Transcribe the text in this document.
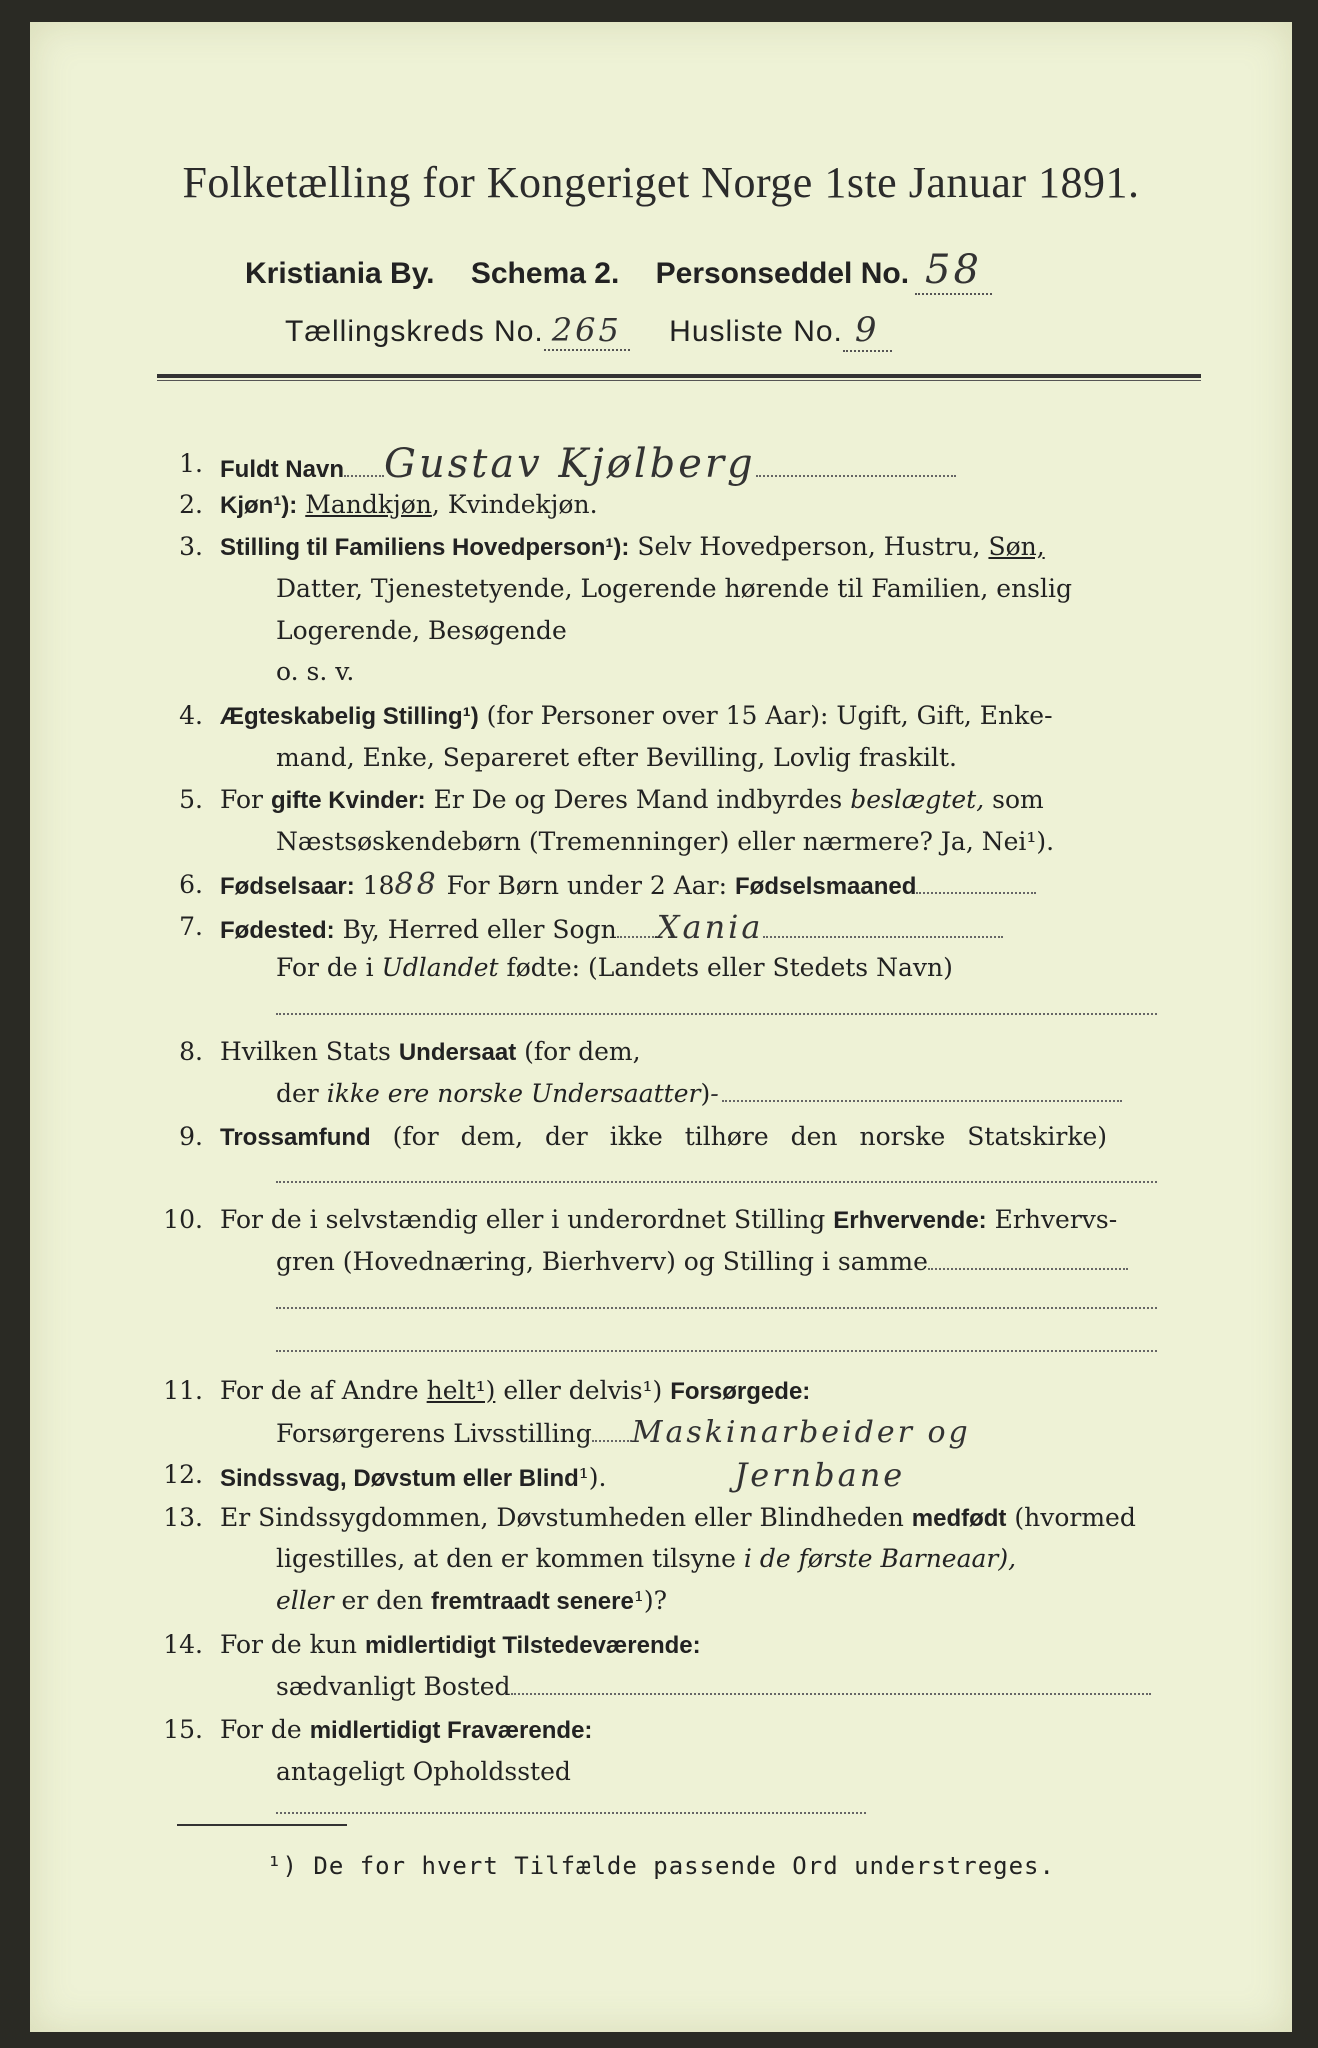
Folketælling for Kongeriget Norge 1ste Januar 1891.
Kristiania By. Schema 2. Personseddel No. 58
Tællingskreds No. 265 Husliste No. 9
1. Fuldt Navn Gustav Kjølberg
2. Kjøn¹): Mandkjøn, Kvindekjøn.
3. Stilling til Familiens Hovedperson¹): Selv Hovedperson, Hustru, Søn,
Datter, Tjenestetyende, Logerende hørende til Familien, enslig
Logerende, Besøgende
o. s. v.
4. Ægteskabelig Stilling¹) (for Personer over 15 Aar): Ugift, Gift, Enke-
mand, Enke, Separeret efter Bevilling, Lovlig fraskilt.
5. For gifte Kvinder: Er De og Deres Mand indbyrdes beslægtet, som
Næstsøskendebørn (Tremenninger) eller nærmere? Ja, Nei¹).
6. Fødselsaar: 1888 For Børn under 2 Aar: Fødselsmaaned
7. Fødested: By, Herred eller Sogn Xania
For de i Udlandet fødte: (Landets eller Stedets Navn)
8. Hvilken Stats Undersaat (for dem,
der ikke ere norske Undersaatter)-
9. Trossamfund (for dem, der ikke tilhøre den norske Statskirke)
10. For de i selvstændig eller i underordnet Stilling Erhvervende: Erhvervs-
gren (Hovednæring, Bierhverv) og Stilling i samme
11. For de af Andre helt¹) eller delvis¹) Forsørgede:
Forsørgerens Livsstilling Maskinarbeider og
12. Sindssvag, Døvstum eller Blind¹).	Jernbane
13. Er Sindssygdommen, Døvstumheden eller Blindheden medfødt (hvormed
ligestilles, at den er kommen tilsyne i de første Barneaar),
eller er den fremtraadt senere¹)?
14. For de kun midlertidigt Tilstedeværende:
sædvanligt Bosted
15. For de midlertidigt Fraværende:
antageligt Opholdssted
¹) De for hvert Tilfælde passende Ord understreges.
